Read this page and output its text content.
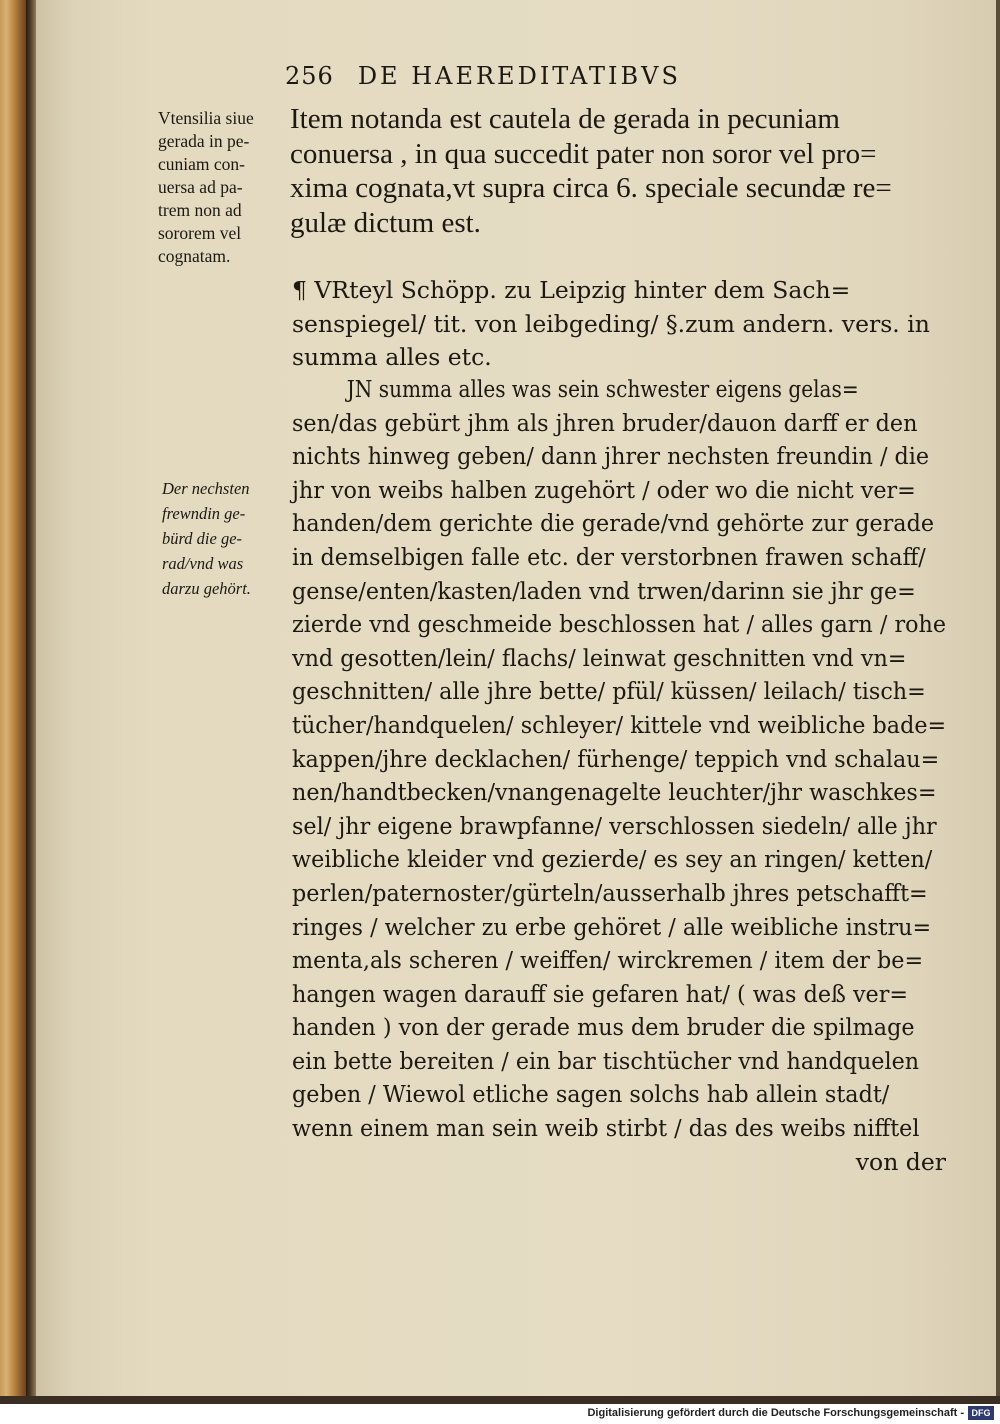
256 DE HAEREDITATIBVS
Vtensilia siue
gerada in pe-
cuniam con-
uersa ad pa-
trem non ad
sororem vel
cognatam.
Item notanda est cautela de gerada in pecuniam
conuersa , in qua succedit pater non soror vel pro=
xima cognata,vt supra circa 6. speciale secundæ re=
gulæ dictum est.
¶ VRteyl Schöpp. zu Leipzig hinter dem Sach=
senspiegel/ tit. von leibgeding/ §.zum andern. vers. in
summa alles etc.
Der nechsten
frewndin ge-
bürd die ge-
rad/vnd was
darzu gehört.
JN summa alles was sein schwester eigens gelas=
sen/das gebürt jhm als jhren bruder/dauon darff er den
nichts hinweg geben/ dann jhrer nechsten freundin / die
jhr von weibs halben zugehört / oder wo die nicht ver=
handen/dem gerichte die gerade/vnd gehörte zur gerade
in demselbigen falle etc. der verstorbnen frawen schaff/
gense/enten/kasten/laden vnd trwen/darinn sie jhr ge=
zierde vnd geschmeide beschlossen hat / alles garn / rohe
vnd gesotten/lein/ flachs/ leinwat geschnitten vnd vn=
geschnitten/ alle jhre bette/ pfül/ küssen/ leilach/ tisch=
tücher/handquelen/ schleyer/ kittele vnd weibliche bade=
kappen/jhre decklachen/ fürhenge/ teppich vnd schalau=
nen/handtbecken/vnangenagelte leuchter/jhr waschkes=
sel/ jhr eigene brawpfanne/ verschlossen siedeln/ alle jhr
weibliche kleider vnd gezierde/ es sey an ringen/ ketten/
perlen/paternoster/gürteln/ausserhalb jhres petschafft=
ringes / welcher zu erbe gehöret / alle weibliche instru=
menta,als scheren / weiffen/ wirckremen / item der be=
hangen wagen darauff sie gefaren hat/ ( was deß ver=
handen ) von der gerade mus dem bruder die spilmage
ein bette bereiten / ein bar tischtücher vnd handquelen
geben / Wiewol etliche sagen solchs hab allein stadt/
wenn einem man sein weib stirbt / das des weibs nifftel
von der
Digitalisierung gefördert durch die Deutsche Forschungsgemeinschaft - DFG
